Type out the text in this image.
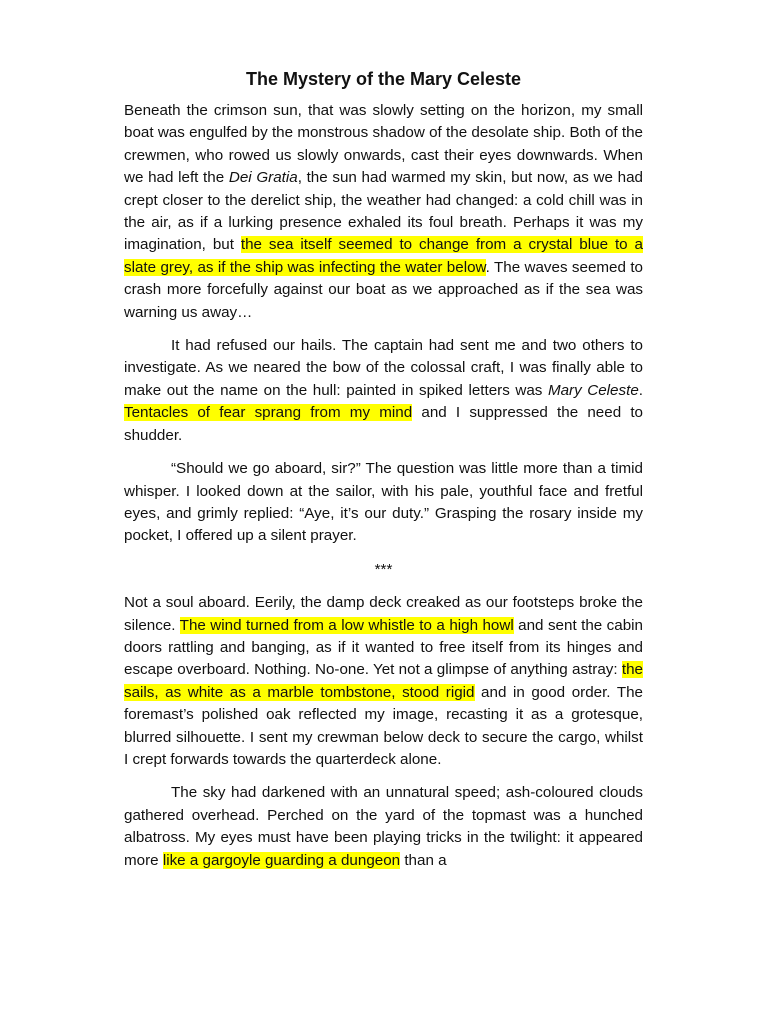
The Mystery of the Mary Celeste
Beneath the crimson sun, that was slowly setting on the horizon, my small boat was engulfed by the monstrous shadow of the desolate ship. Both of the crewmen, who rowed us slowly onwards, cast their eyes downwards. When we had left the Dei Gratia, the sun had warmed my skin, but now, as we had crept closer to the derelict ship, the weather had changed: a cold chill was in the air, as if a lurking presence exhaled its foul breath. Perhaps it was my imagination, but the sea itself seemed to change from a crystal blue to a slate grey, as if the ship was infecting the water below. The waves seemed to crash more forcefully against our boat as we approached as if the sea was warning us away…
It had refused our hails. The captain had sent me and two others to investigate. As we neared the bow of the colossal craft, I was finally able to make out the name on the hull: painted in spiked letters was Mary Celeste. Tentacles of fear sprang from my mind and I suppressed the need to shudder.
“Should we go aboard, sir?” The question was little more than a timid whisper. I looked down at the sailor, with his pale, youthful face and fretful eyes, and grimly replied: “Aye, it’s our duty.” Grasping the rosary inside my pocket, I offered up a silent prayer.
***
Not a soul aboard. Eerily, the damp deck creaked as our footsteps broke the silence. The wind turned from a low whistle to a high howl and sent the cabin doors rattling and banging, as if it wanted to free itself from its hinges and escape overboard. Nothing. No-one. Yet not a glimpse of anything astray: the sails, as white as a marble tombstone, stood rigid and in good order. The foremast’s polished oak reflected my image, recasting it as a grotesque, blurred silhouette. I sent my crewman below deck to secure the cargo, whilst I crept forwards towards the quarterdeck alone.
The sky had darkened with an unnatural speed; ash-coloured clouds gathered overhead. Perched on the yard of the topmast was a hunched albatross. My eyes must have been playing tricks in the twilight: it appeared more like a gargoyle guarding a dungeon than a
